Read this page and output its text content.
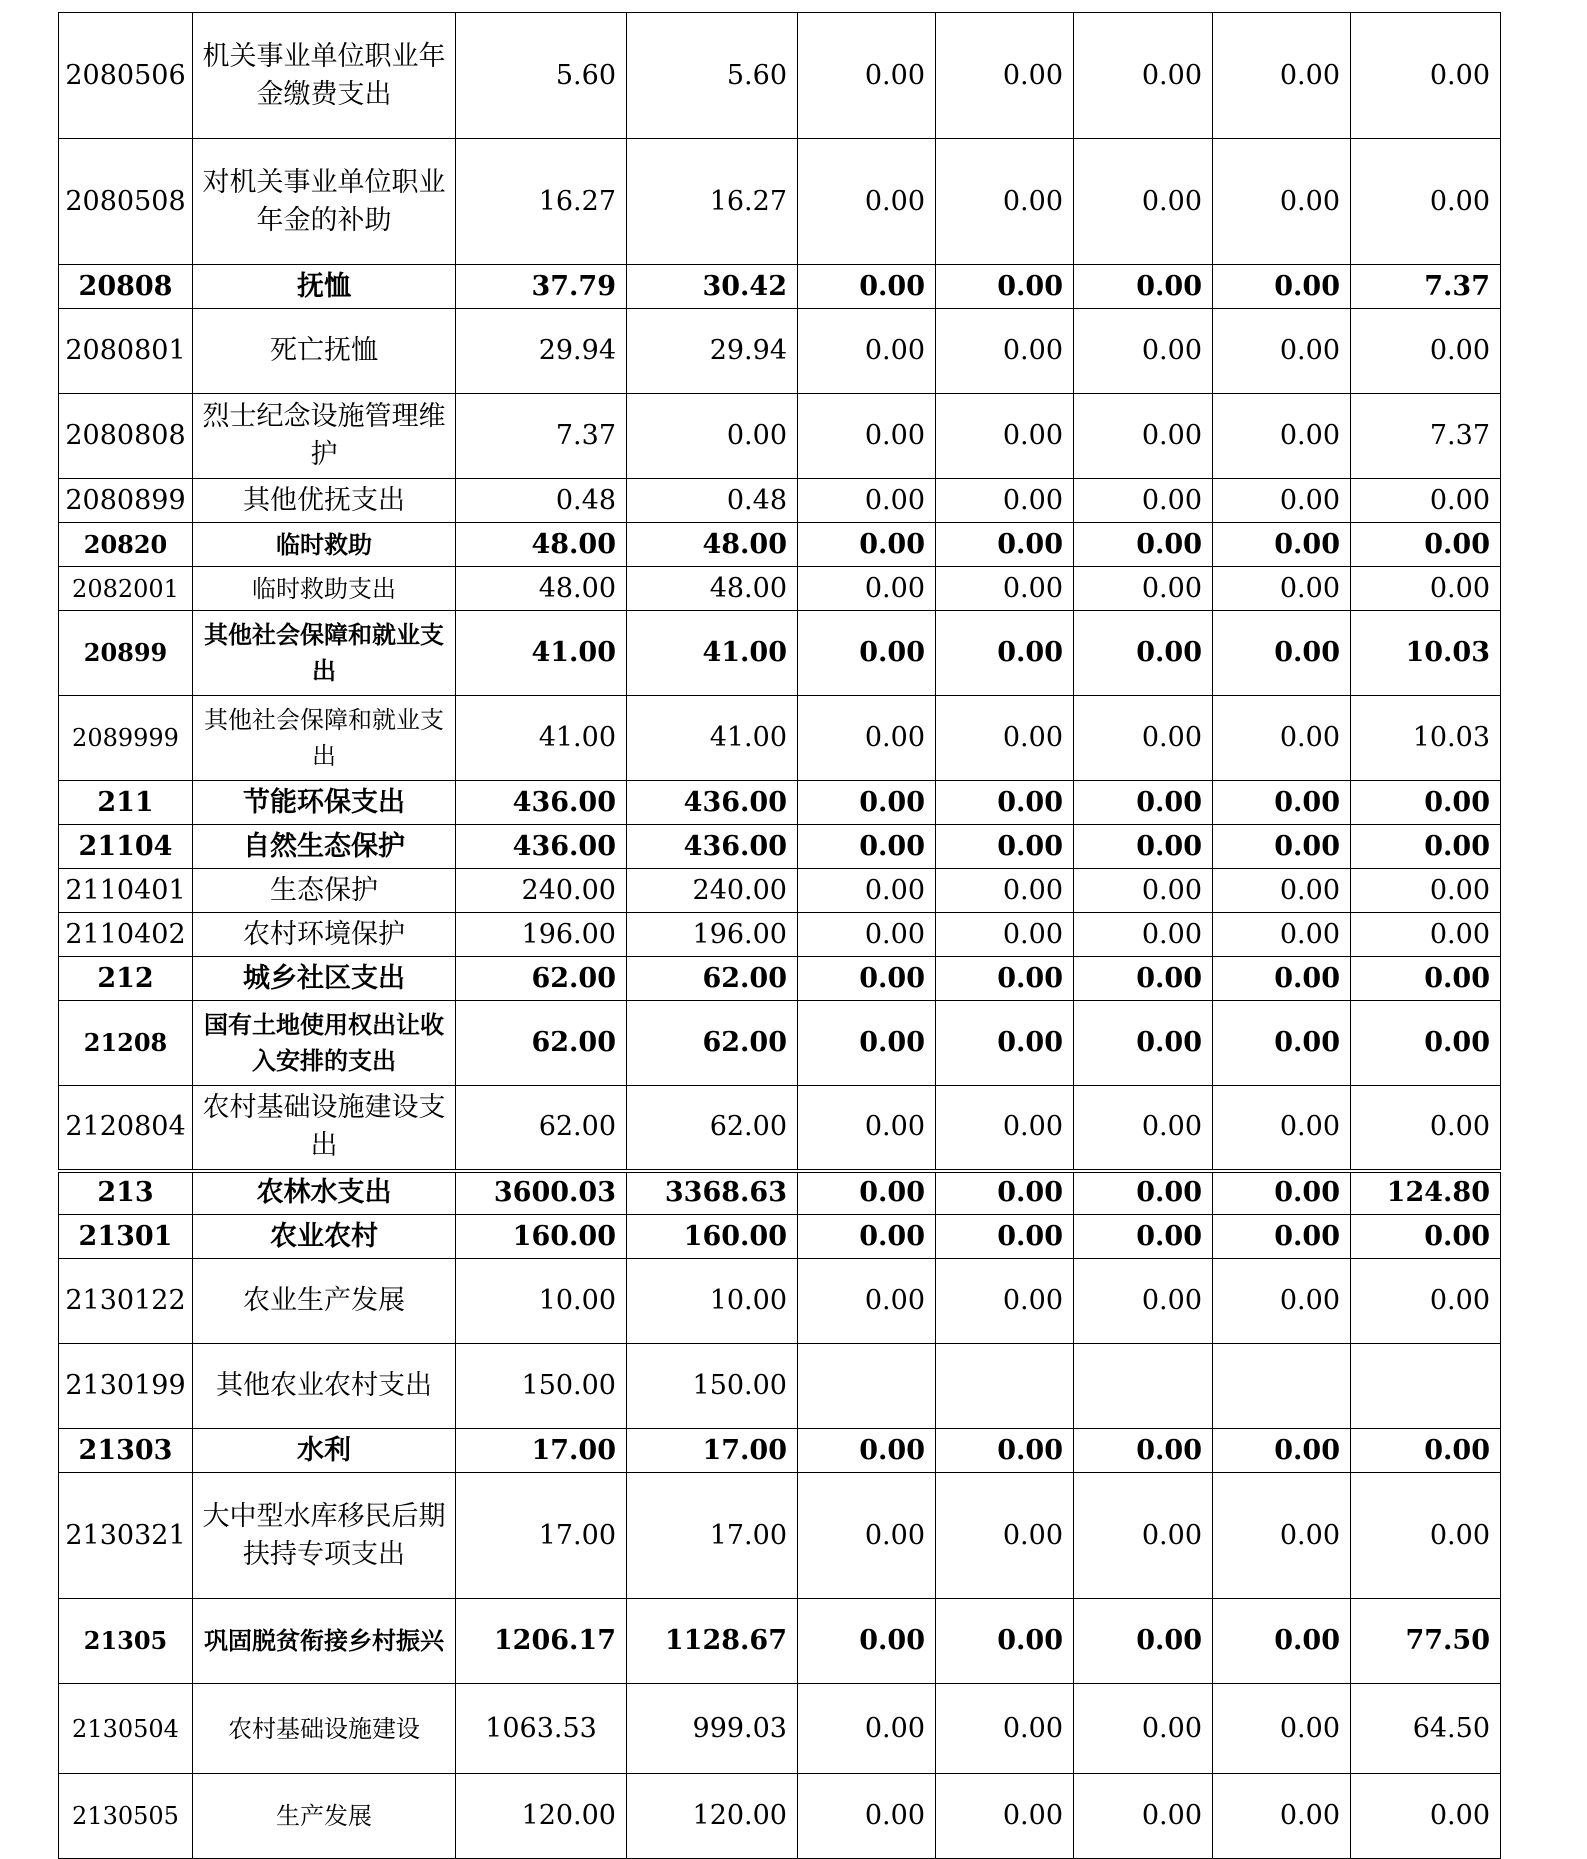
2080506	机关事业单位职业年金缴费支出	5.60	5.60	0.00	0.00	0.00	0.00	0.00
2080508	对机关事业单位职业年金的补助	16.27	16.27	0.00	0.00	0.00	0.00	0.00
20808	抚恤	37.79	30.42	0.00	0.00	0.00	0.00	7.37
2080801	死亡抚恤	29.94	29.94	0.00	0.00	0.00	0.00	0.00
2080808	烈士纪念设施管理维护	7.37	0.00	0.00	0.00	0.00	0.00	7.37
2080899	其他优抚支出	0.48	0.48	0.00	0.00	0.00	0.00	0.00
20820	临时救助	48.00	48.00	0.00	0.00	0.00	0.00	0.00
2082001	临时救助支出	48.00	48.00	0.00	0.00	0.00	0.00	0.00
20899	其他社会保障和就业支出	41.00	41.00	0.00	0.00	0.00	0.00	10.03
2089999	其他社会保障和就业支出	41.00	41.00	0.00	0.00	0.00	0.00	10.03
211	节能环保支出	436.00	436.00	0.00	0.00	0.00	0.00	0.00
21104	自然生态保护	436.00	436.00	0.00	0.00	0.00	0.00	0.00
2110401	生态保护	240.00	240.00	0.00	0.00	0.00	0.00	0.00
2110402	农村环境保护	196.00	196.00	0.00	0.00	0.00	0.00	0.00
212	城乡社区支出	62.00	62.00	0.00	0.00	0.00	0.00	0.00
21208	国有土地使用权出让收入安排的支出	62.00	62.00	0.00	0.00	0.00	0.00	0.00
2120804	农村基础设施建设支出	62.00	62.00	0.00	0.00	0.00	0.00	0.00
213	农林水支出	3600.03	3368.63	0.00	0.00	0.00	0.00	124.80
21301	农业农村	160.00	160.00	0.00	0.00	0.00	0.00	0.00
2130122	农业生产发展	10.00	10.00	0.00	0.00	0.00	0.00	0.00
2130199	其他农业农村支出	150.00	150.00					
21303	水利	17.00	17.00	0.00	0.00	0.00	0.00	0.00
2130321	大中型水库移民后期扶持专项支出	17.00	17.00	0.00	0.00	0.00	0.00	0.00
21305	巩固脱贫衔接乡村振兴	1206.17	1128.67	0.00	0.00	0.00	0.00	77.50
2130504	农村基础设施建设	1063.53	999.03	0.00	0.00	0.00	0.00	64.50
2130505	生产发展	120.00	120.00	0.00	0.00	0.00	0.00	0.00
